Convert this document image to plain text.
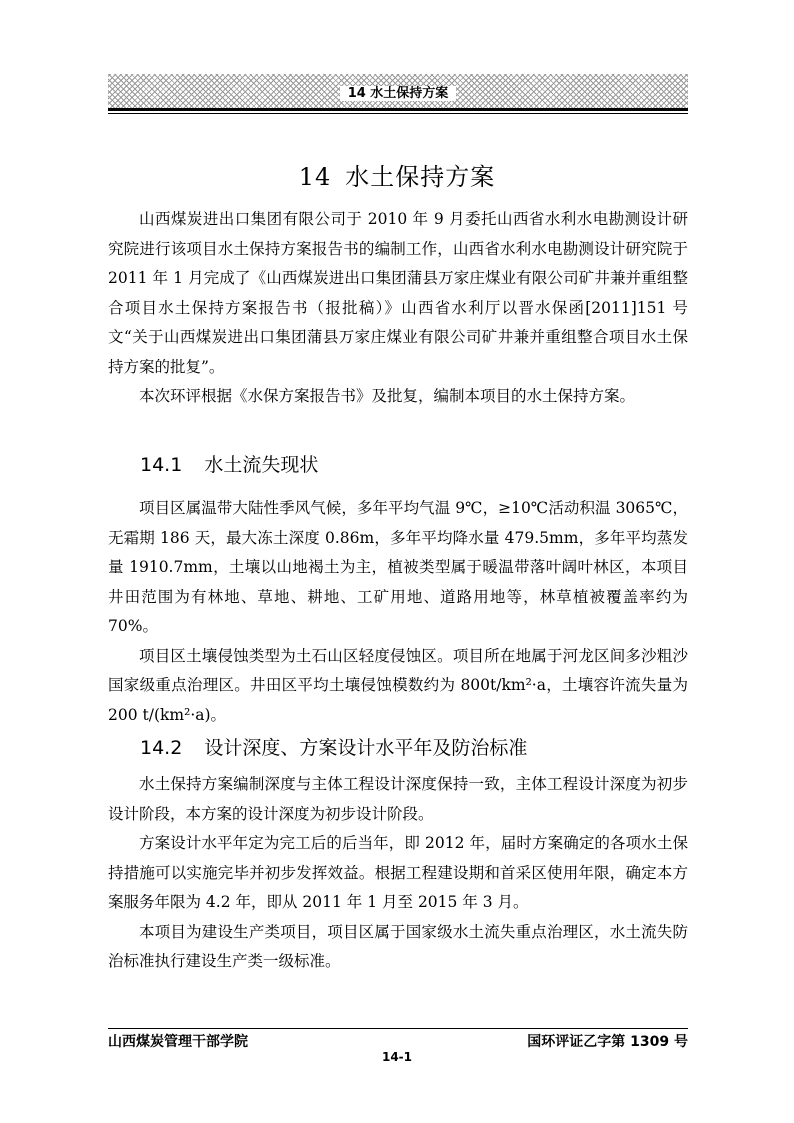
14 水土保持方案
14 水土保持方案

山西煤炭进出口集团有限公司于 2010 年 9 月委托山西省水利水电勘测设计研究院进行该项目水土保持方案报告书的编制工作，山西省水利水电勘测设计研究院于 2011 年 1 月完成了《山西煤炭进出口集团蒲县万家庄煤业有限公司矿井兼并重组整合项目水土保持方案报告书（报批稿）》山西省水利厅以晋水保函[2011]151 号文“关于山西煤炭进出口集团蒲县万家庄煤业有限公司矿井兼并重组整合项目水土保持方案的批复”。

本次环评根据《水保方案报告书》及批复，编制本项目的水土保持方案。

14.1 水土流失现状

项目区属温带大陆性季风气候，多年平均气温 9℃，≥10℃活动积温 3065℃，无霜期 186 天，最大冻土深度 0.86m，多年平均降水量 479.5mm，多年平均蒸发量 1910.7mm，土壤以山地褐土为主，植被类型属于暖温带落叶阔叶林区，本项目井田范围为有林地、草地、耕地、工矿用地、道路用地等，林草植被覆盖率约为 70%。

项目区土壤侵蚀类型为土石山区轻度侵蚀区。项目所在地属于河龙区间多沙粗沙国家级重点治理区。井田区平均土壤侵蚀模数约为 800t/km²·a，土壤容许流失量为 200 t/(km²·a)。

14.2 设计深度、方案设计水平年及防治标准

水土保持方案编制深度与主体工程设计深度保持一致，主体工程设计深度为初步设计阶段，本方案的设计深度为初步设计阶段。

方案设计水平年定为完工后的后当年，即 2012 年，届时方案确定的各项水土保持措施可以实施完毕并初步发挥效益。根据工程建设期和首采区使用年限，确定本方案服务年限为 4.2 年，即从 2011 年 1 月至 2015 年 3 月。

本项目为建设生产类项目，项目区属于国家级水土流失重点治理区，水土流失防治标准执行建设生产类一级标准。

山西煤炭管理干部学院	国环评证乙字第 1309 号
14-1
